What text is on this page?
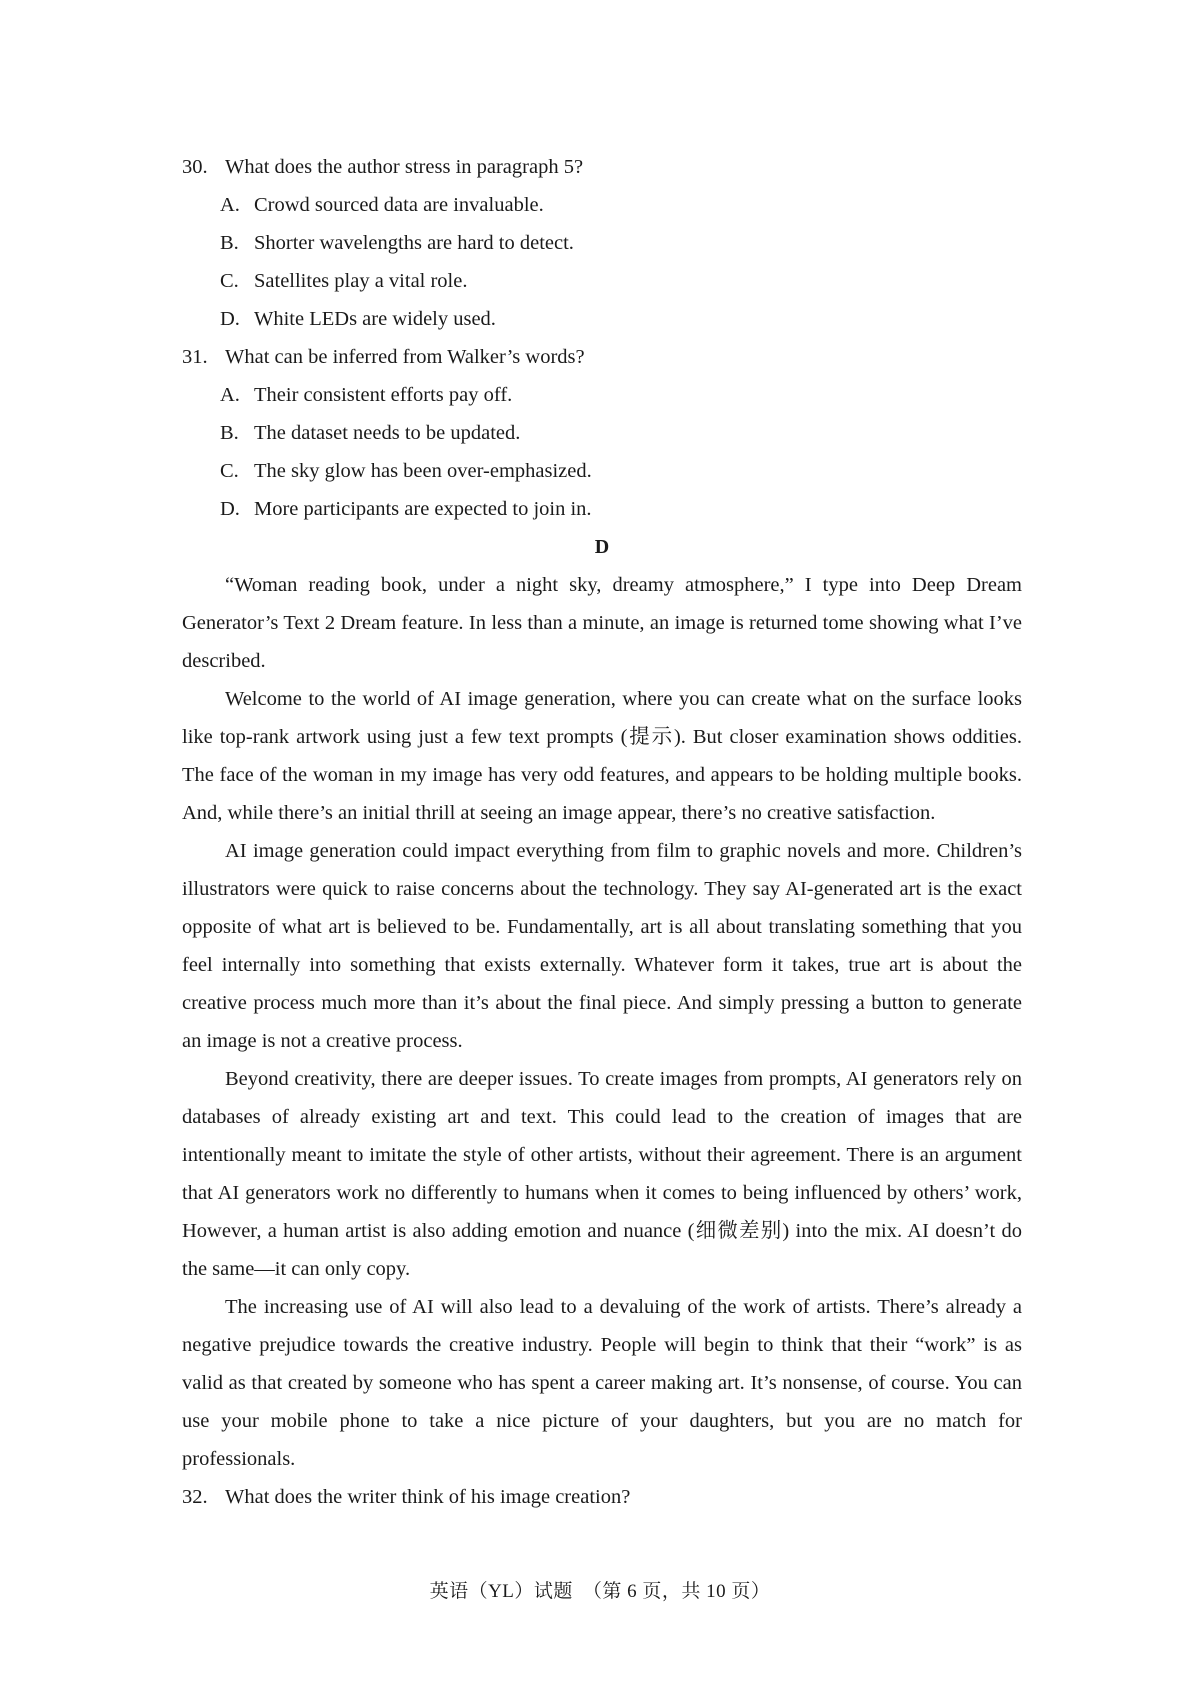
30. What does the author stress in paragraph 5?

A. Crowd sourced data are invaluable.

B. Shorter wavelengths are hard to detect.

C. Satellites play a vital role.

D. White LEDs are widely used.

31. What can be inferred from Walker’s words?

A. Their consistent efforts pay off.

B. The dataset needs to be updated.

C. The sky glow has been over-emphasized.

D. More participants are expected to join in.

D

“Woman reading book, under a night sky, dreamy atmosphere,” I type into Deep Dream Generator’s Text 2 Dream feature. In less than a minute, an image is returned tome showing what I’ve described.

Welcome to the world of AI image generation, where you can create what on the surface looks like top-rank artwork using just a few text prompts (提示). But closer examination shows oddities. The face of the woman in my image has very odd features, and appears to be holding multiple books. And, while there’s an initial thrill at seeing an image appear, there’s no creative satisfaction.

AI image generation could impact everything from film to graphic novels and more. Children’s illustrators were quick to raise concerns about the technology. They say AI-generated art is the exact opposite of what art is believed to be. Fundamentally, art is all about translating something that you feel internally into something that exists externally. Whatever form it takes, true art is about the creative process much more than it’s about the final piece. And simply pressing a button to generate an image is not a creative process.

Beyond creativity, there are deeper issues. To create images from prompts, AI generators rely on databases of already existing art and text. This could lead to the creation of images that are intentionally meant to imitate the style of other artists, without their agreement. There is an argument that AI generators work no differently to humans when it comes to being influenced by others’ work, However, a human artist is also adding emotion and nuance (细微差别) into the mix. AI doesn’t do the same—it can only copy.

The increasing use of AI will also lead to a devaluing of the work of artists. There’s already a negative prejudice towards the creative industry. People will begin to think that their “work” is as valid as that created by someone who has spent a career making art. It’s nonsense, of course. You can use your mobile phone to take a nice picture of your daughters, but you are no match for professionals.

32. What does the writer think of his image creation?

英语（YL）试题　（第 6 页，共 10 页）
